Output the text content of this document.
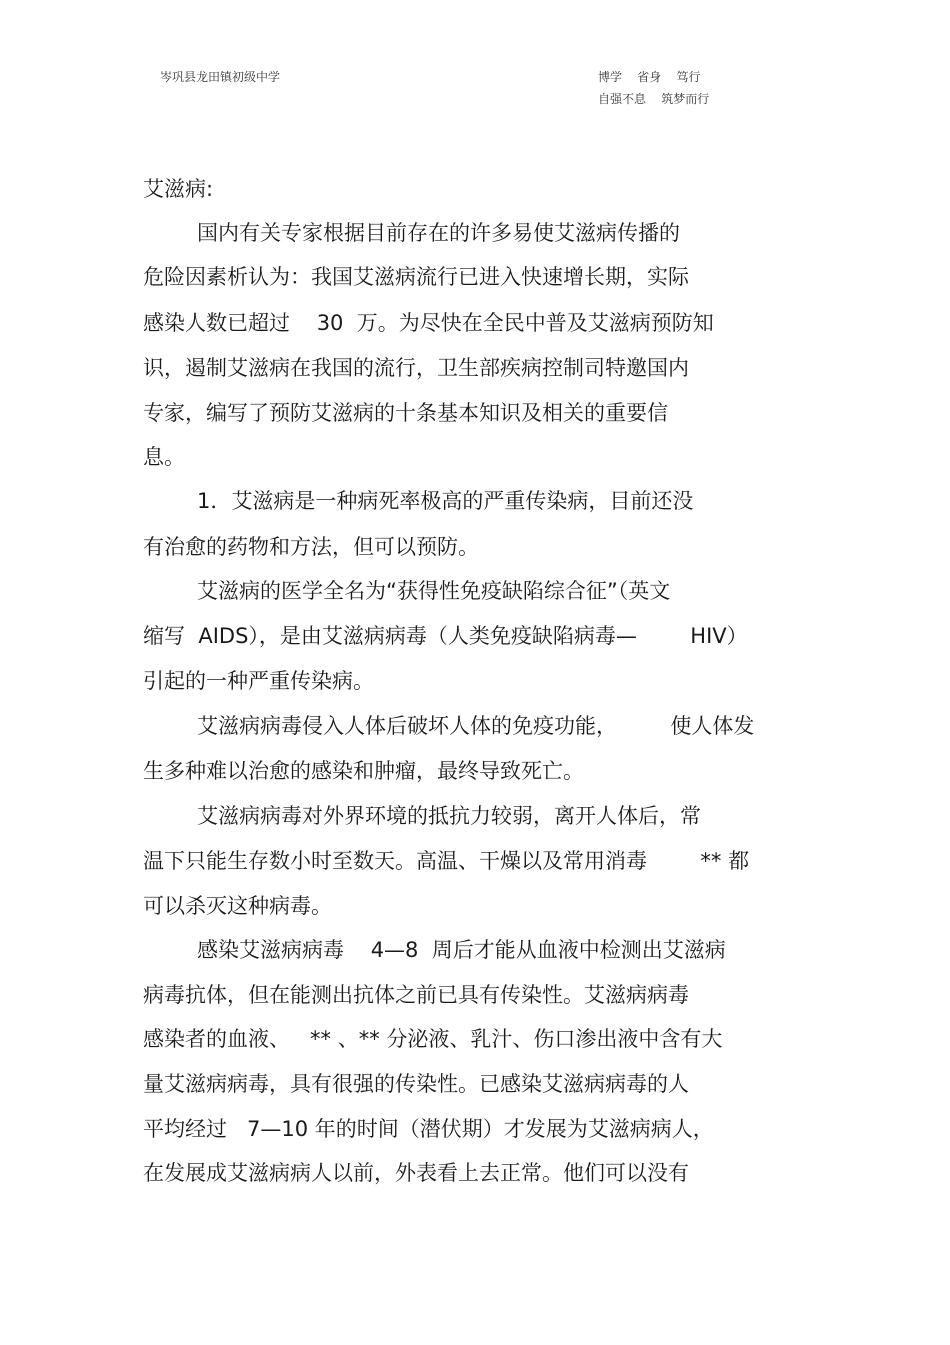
岑巩县龙田镇初级中学	博学    省身    笃行
自强不息    筑梦而行
艾滋病:
国内有关专家根据目前存在的许多易使艾滋病传播的
危险因素析认为：我国艾滋病流行已进入快速增长期，实际
感染人数已超过    30  万。为尽快在全民中普及艾滋病预防知
识，遏制艾滋病在我国的流行，卫生部疾病控制司特邀国内
专家，编写了预防艾滋病的十条基本知识及相关的重要信
息。
1．艾滋病是一种病死率极高的严重传染病，目前还没
有治愈的药物和方法，但可以预防。
艾滋病的医学全名为“获得性免疫缺陷综合征”（英文
缩写  AIDS），是由艾滋病病毒（人类免疫缺陷病毒—        HIV）
引起的一种严重传染病。
艾滋病病毒侵入人体后破坏人体的免疫功能，        使人体发
生多种难以治愈的感染和肿瘤，最终导致死亡。
艾滋病病毒对外界环境的抵抗力较弱，离开人体后，常
温下只能生存数小时至数天。高温、干燥以及常用消毒        ** 都
可以杀灭这种病毒。
感染艾滋病病毒    4—8  周后才能从血液中检测出艾滋病
病毒抗体，但在能测出抗体之前已具有传染性。艾滋病病毒
感染者的血液、   ** 、** 分泌液、乳汁、伤口渗出液中含有大
量艾滋病病毒，具有很强的传染性。已感染艾滋病病毒的人
平均经过   7—10 年的时间（潜伏期）才发展为艾滋病病人，
在发展成艾滋病病人以前，外表看上去正常。他们可以没有
